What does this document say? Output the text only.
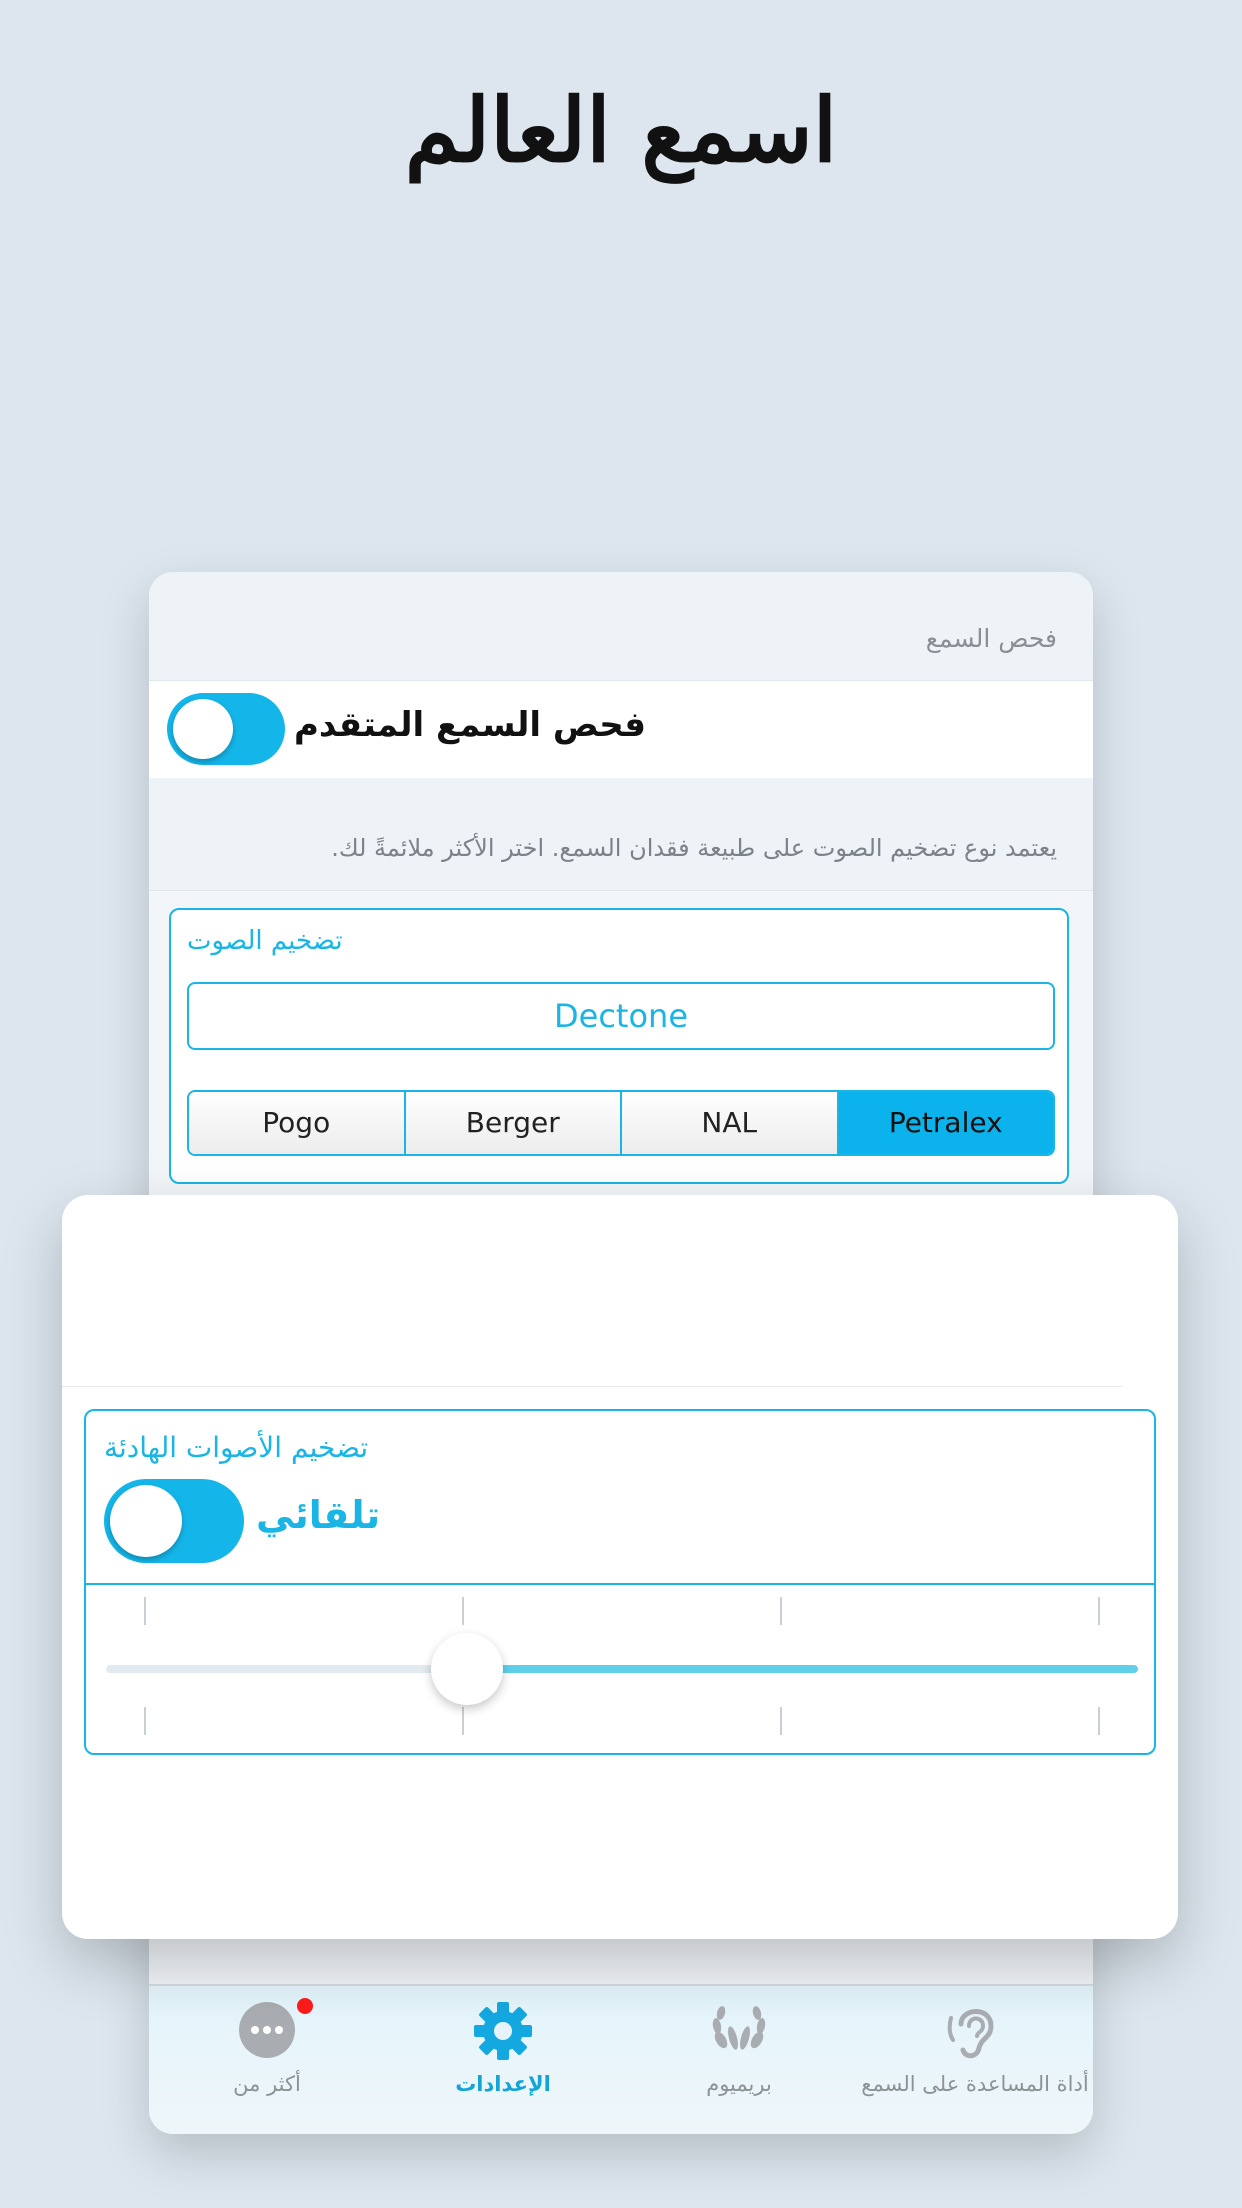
اسمع العالم
فحص السمع
فحص السمع المتقدم
يعتمد نوع تضخيم الصوت على طبيعة فقدان السمع. اختر الأكثر ملائمةً لك.
تضخيم الصوت
Dectone
Pogo	Berger	NAL	Petralex
أكثر من	الإعدادات	بريميوم	أداة المساعدة على السمع
تضخيم الأصوات الهادئة
تلقائي
